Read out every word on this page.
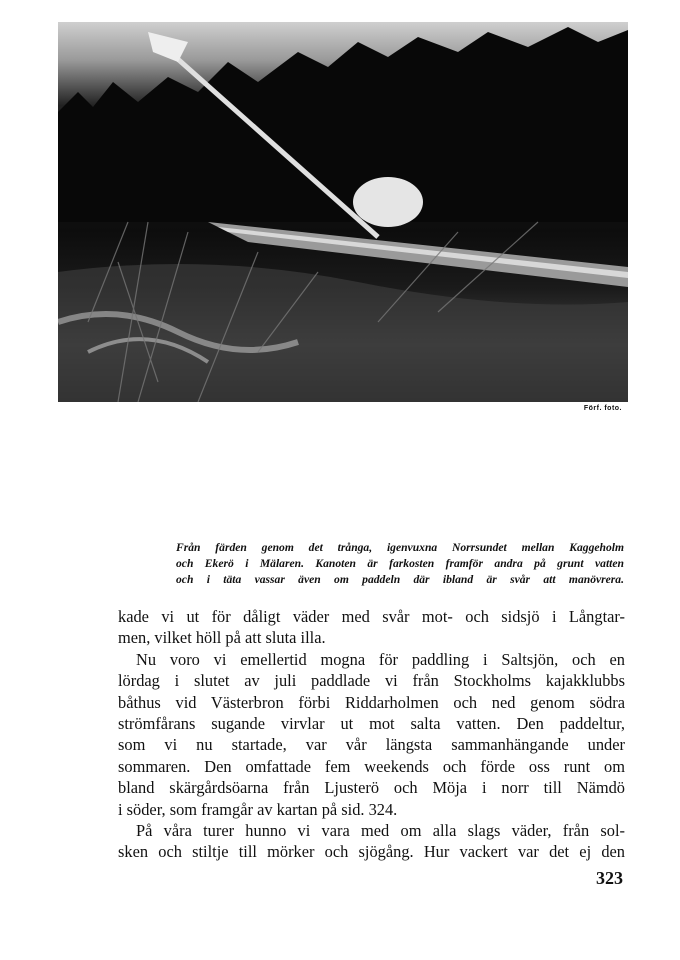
Förf. foto.
Från färden genom det trånga, igenvuxna Norrsundet mellan Kaggeholm
och Ekerö i Mälaren. Kanoten är farkosten framför andra på grunt vatten
och i täta vassar även om paddeln där ibland är svår att manövrera.
kade vi ut för dåligt väder med svår mot- och sidsjö i Långtar-
men, vilket höll på att sluta illa.
Nu voro vi emellertid mogna för paddling i Saltsjön, och en
lördag i slutet av juli paddlade vi från Stockholms kajakklubbs
båthus vid Västerbron förbi Riddarholmen och ned genom södra
strömfårans sugande virvlar ut mot salta vatten. Den paddeltur,
som vi nu startade, var vår längsta sammanhängande under
sommaren. Den omfattade fem weekends och förde oss runt om
bland skärgårdsöarna från Ljusterö och Möja i norr till Nämdö
i söder, som framgår av kartan på sid. 324.
På våra turer hunno vi vara med om alla slags väder, från sol-
sken och stiltje till mörker och sjögång. Hur vackert var det ej den
323
